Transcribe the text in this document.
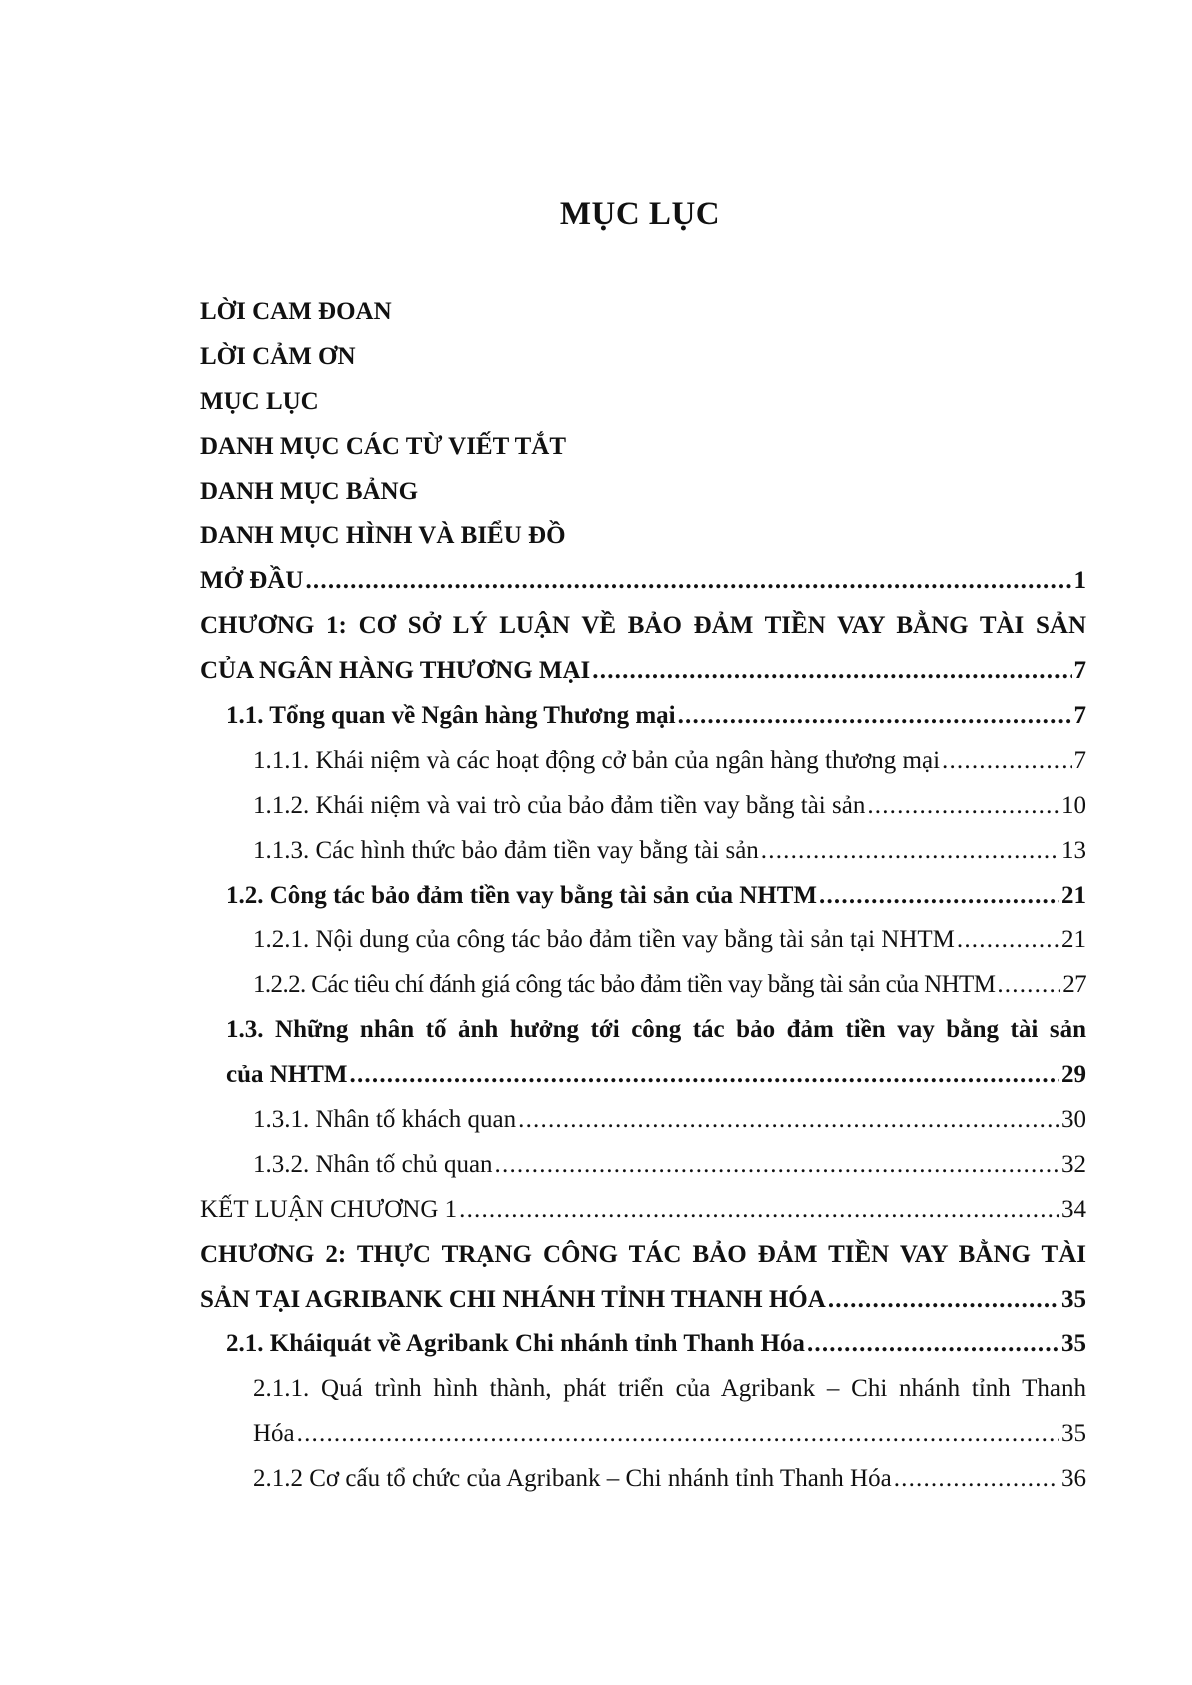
MỤC LỤC
LỜI CAM ĐOAN
LỜI CẢM ƠN
MỤC LỤC
DANH MỤC CÁC TỪ VIẾT TẮT
DANH MỤC BẢNG
DANH MỤC HÌNH VÀ BIỂU ĐỒ
MỞ ĐẦU .....	1
CHƯƠNG 1: CƠ SỞ LÝ LUẬN VỀ BẢO ĐẢM TIỀN VAY BẰNG TÀI SẢN
CỦA NGÂN HÀNG THƯƠNG MẠI .....	7
1.1. Tổng quan về Ngân hàng Thương mại .....	7
1.1.1. Khái niệm và các hoạt động cở bản của ngân hàng thương mại .....	7
1.1.2. Khái niệm và vai trò của bảo đảm tiền vay bằng tài sản .....	10
1.1.3. Các hình thức bảo đảm tiền vay bằng tài sản .....	13
1.2. Công tác bảo đảm tiền vay bằng tài sản của NHTM .....	21
1.2.1. Nội dung của công tác bảo đảm tiền vay bằng tài sản tại NHTM .....	21
1.2.2. Các tiêu chí đánh giá công tác bảo đảm tiền vay bằng tài sản của NHTM .....	27
1.3. Những nhân tố ảnh hưởng tới công tác bảo đảm tiền vay bằng tài sản
của NHTM .....	29
1.3.1. Nhân tố khách quan .....	30
1.3.2. Nhân tố chủ quan .....	32
KẾT LUẬN CHƯƠNG 1 .....	34
CHƯƠNG 2: THỰC TRẠNG CÔNG TÁC BẢO ĐẢM TIỀN VAY BẰNG TÀI
SẢN TẠI AGRIBANK CHI NHÁNH TỈNH THANH HÓA .....	35
2.1. Kháiquát về Agribank Chi nhánh tỉnh Thanh Hóa .....	35
2.1.1. Quá trình hình thành, phát triển của Agribank – Chi nhánh tỉnh Thanh
Hóa .....	35
2.1.2 Cơ cấu tổ chức của Agribank – Chi nhánh tỉnh Thanh Hóa .....	36
